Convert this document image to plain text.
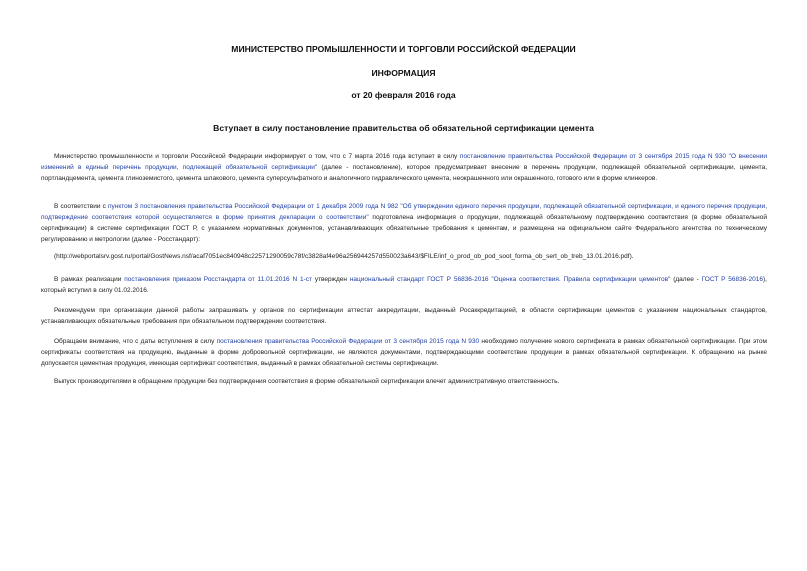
МИНИСТЕРСТВО ПРОМЫШЛЕННОСТИ И ТОРГОВЛИ РОССИЙСКОЙ ФЕДЕРАЦИИ
ИНФОРМАЦИЯ
от 20 февраля 2016 года
Вступает в силу постановление правительства об обязательной сертификации цемента
Министерство промышленности и торговли Российской Федерации информирует о том, что с 7 марта 2016 года вступает в силу постановление правительства Российской Федерации от 3 сентября 2015 года N 930 "О внесении изменений в единый перечень продукции, подлежащей обязательной сертификации" (далее - постановление), которое предусматривает внесение в перечень продукции, подлежащей обязательной сертификации, цемента, портландцемента, цемента глиноземистого, цемента шлакового, цемента суперсульфатного и аналогичного гидравлического цемента, неокрашенного или окрашенного, готового или в форме клинкеров.
В соответствии с пунктом 3 постановления правительства Российской Федерации от 1 декабря 2009 года N 982 "Об утверждении единого перечня продукции, подлежащей обязательной сертификации, и единого перечня продукции, подтверждение соответствия которой осуществляется в форме принятия декларации о соответствии" подготовлена информация о продукции, подлежащей обязательному подтверждению соответствия (в форме обязательной сертификации) в системе сертификации ГОСТ Р, с указанием нормативных документов, устанавливающих обязательные требования к цементам, и размещена на официальном сайте Федерального агентства по техническому регулированию и метрологии (далее - Росстандарт):
(http://webportalsrv.gost.ru/portal/GostNews.nsf/acaf7051ec840948c22571290059c78f/c3828af4e96a256944257d550023a643/$FILE/inf_o_prod_ob_pod_soot_forma_ob_sert_ob_treb_13.01.2016.pdf).
В рамках реализации постановления приказом Росстандарта от 11.01.2016 N 1-ст утвержден национальный стандарт ГОСТ Р 56836-2016 "Оценка соответствия. Правила сертификации цементов" (далее - ГОСТ Р 56836-2016), который вступил в силу 01.02.2016.
Рекомендуем при организации данной работы запрашивать у органов по сертификации аттестат аккредитации, выданный Росаккредитацией, в области сертификации цементов с указанием национальных стандартов, устанавливающих обязательные требования при обязательном подтверждении соответствия.
Обращаем внимание, что с даты вступления в силу постановления правительства Российской Федерации от 3 сентября 2015 года N 930 необходимо получение нового сертификата в рамках обязательной сертификации. При этом сертификаты соответствия на продукцию, выданные в форме добровольной сертификации, не являются документами, подтверждающими соответствие продукции в рамках обязательной сертификации. К обращению на рынке допускается цементная продукция, имеющая сертификат соответствия, выданный в рамках обязательной системы сертификации.
Выпуск производителями в обращение продукции без подтверждения соответствия в форме обязательной сертификации влечет административную ответственность.
